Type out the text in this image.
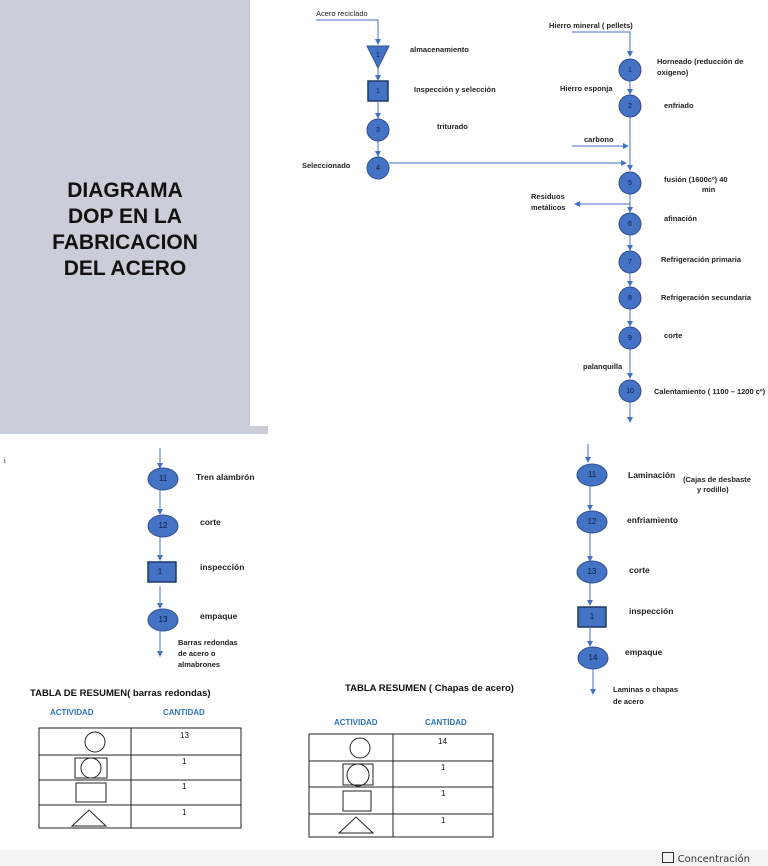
DIAGRAMA
DOP EN LA
FABRICACION
DEL ACERO
Acero reciclado
1
almacenamiento
1	Inspección y selección
3	triturado
4
Seleccionado
Hierro mineral ( pellets)
1
Horneado (reducción de
oxigeno)
Hierro esponja
2	enfriado
carbono
5	fusión (1600cº) 40
min
Residuos
metálicos
6
afinación
7	Refrigeración primaria
8	Refrigeración secundaria
9	corte
palanquilla
10	Calentamiento ( 1100 – 1200 cº)
i
11	Tren alambrón
12	corte
1	inspección
13	empaque
Barras redondas
de acero o
almabrones
11	Laminación (Cajas de desbaste
y rodillo)
12	enfriamiento
13	corte
1
inspección
14
empaque
Laminas o chapas
de acero
TABLA DE RESUMEN( barras redondas)
ACTIVIDAD	CANTIDAD
13
1
1
1
TABLA RESUMEN ( Chapas de acero)
ACTIVIDAD	CANTIDAD
14
1
1
1
Concentración
